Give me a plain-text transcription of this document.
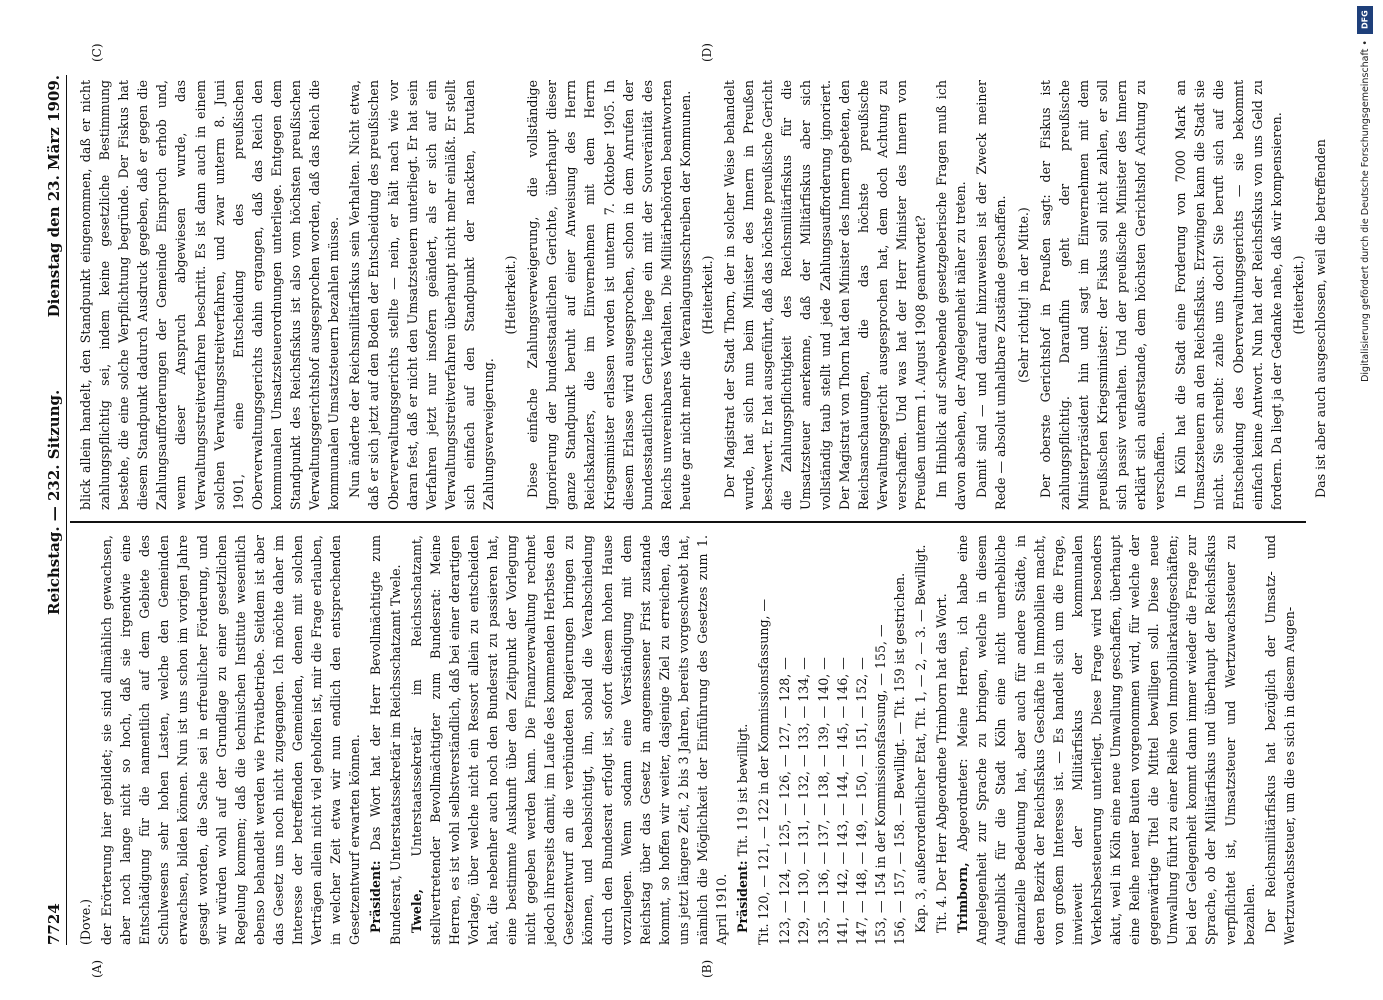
7724
Reichstag. — 232. Sitzung.
Dienstag den 23. März 1909.
(A)	(B)
(C)	(D)

(Dove.) der Erörterung hier gebildet; sie sind allmählich gewachsen, aber noch lange nicht so hoch, daß sie irgendwie eine Entschädigung für die namentlich auf dem Gebiete des Schulwesens sehr hohen Lasten, welche den Gemeinden erwachsen, bilden können. Nun ist uns schon im vorigen Jahre gesagt worden, die Sache sei in erfreulicher Förderung, und wir würden wohl auf der Grundlage zu einer gesetzlichen Regelung kommen; daß die technischen Institute wesentlich ebenso behandelt werden wie Privatbetriebe. Seitdem ist aber das Gesetz uns noch nicht zugegangen. Ich möchte daher im Interesse der betreffenden Gemeinden, denen mit solchen Verträgen allein nicht viel geholfen ist, mir die Frage erlauben, in welcher Zeit etwa wir nun endlich den entsprechenden Gesetzentwurf erwarten können. Präsident: Das Wort hat der Herr Bevollmächtigte zum Bundesrat, Unterstaatssekretär im Reichsschatzamt Twele. Twele, Unterstaatssekretär im Reichsschatzamt, stellvertretender Bevollmächtigter zum Bundesrat: Meine Herren, es ist wohl selbstverständlich, daß bei einer derartigen Vorlage, über welche nicht ein Ressort allein zu entscheiden hat, die nebenher auch noch den Bundesrat zu passieren hat, eine bestimmte Auskunft über den Zeitpunkt der Vorlegung nicht gegeben werden kann. Die Finanzverwaltung rechnet jedoch ihrerseits damit, im Laufe des kommenden Herbstes den Gesetzentwurf an die verbündeten Regierungen bringen zu können, und beabsichtigt, ihn, sobald die Verabschiedung durch den Bundesrat erfolgt ist, sofort diesem hohen Hause vorzulegen. Wenn sodann eine Verständigung mit dem Reichstag über das Gesetz in angemessener Frist zustande kommt, so hoffen wir weiter, dasjenige Ziel zu erreichen, das uns jetzt längere Zeit, 2 bis 3 Jahren, bereits vorgeschwebt hat, nämlich die Möglichkeit der Einführung des Gesetzes zum 1. April 1910. Präsident: Tit. 119 ist bewilligt. Tit. 120, — 121, — 122 in der Kommissionsfassung, — 123, — 124, — 125, — 126, — 127, — 128, —
129, — 130, — 131, — 132, — 133, — 134, —
135, — 136, — 137, — 138, — 139, — 140, —
141, — 142, — 143, — 144, — 145, — 146, —
147, — 148, — 149, — 150, — 151, — 152, —
153, — 154 in der Kommissionsfassung, — 155, —
156, — 157, — 158. — Bewilligt. — Tit. 159 ist gestrichen. Kap. 3, außerordentlicher Etat, Tit. 1, — 2, — 3. — Bewilligt. Tit. 4. Der Herr Abgeordnete Trimborn hat das Wort. Trimborn, Abgeordneter: Meine Herren, ich habe eine Angelegenheit zur Sprache zu bringen, welche in diesem Augenblick für die Stadt Köln eine nicht unerhebliche finanzielle Bedeutung hat, aber auch für andere Städte, in deren Bezirk der Reichsfiskus Geschäfte in Immobilien macht, von großem Interesse ist. — Es handelt sich um die Frage, inwieweit der Militärfiskus der kommunalen Verkehrsbesteuerung unterliegt. Diese Frage wird besonders akut, weil in Köln eine neue Umwallung geschaffen, überhaupt eine Reihe neuer Bauten vorgenommen wird, für welche der gegenwärtige Titel die Mittel bewilligen soll. Diese neue Umwallung führt zu einer Reihe von Immobiliarkaufgeschäften; bei der Gelegenheit kommt dann immer wieder die Frage zur Sprache, ob der Militärfiskus und überhaupt der Reichsfiskus verpflichtet ist, Umsatzsteuer und Wertzuwachssteuer zu bezahlen. Der Reichsmilitärfiskus hat bezüglich der Umsatz- und Wertzuwachssteuer, um die es sich in diesem Augen-

blick allein handelt, den Standpunkt eingenommen, daß er nicht zahlungspflichtig sei, indem keine gesetzliche Bestimmung bestehe, die eine solche Verpflichtung begründe. Der Fiskus hat diesem Standpunkt dadurch Ausdruck gegeben, daß er gegen die Zahlungsaufforderungen der Gemeinde Einspruch erhob und, wenn dieser Anspruch abgewiesen wurde, das Verwaltungsstreitverfahren beschritt. Es ist dann auch in einem solchen Verwaltungsstreitverfahren, und zwar unterm 8. Juni 1901, eine Entscheidung des preußischen Oberverwaltungsgerichts dahin ergangen, daß das Reich den kommunalen Umsatzsteuerordnungen unterliege. Entgegen dem Standpunkt des Reichsfiskus ist also vom höchsten preußischen Verwaltungsgerichtshof ausgesprochen worden, daß das Reich die kommunalen Umsatzsteuern bezahlen müsse. Nun änderte der Reichsmilitärfiskus sein Verhalten. Nicht etwa, daß er sich jetzt auf den Boden der Entscheidung des preußischen Oberverwaltungsgerichts stellte — nein, er hält nach wie vor daran fest, daß er nicht den Umsatzsteuern unterliegt. Er hat sein Verfahren jetzt nur insofern geändert, als er sich auf ein Verwaltungsstreitverfahren überhaupt nicht mehr einläßt. Er stellt sich einfach auf den Standpunkt der nackten, brutalen Zahlungsverweigerung.

(Heiterkeit.) Diese einfache Zahlungsverweigerung, die vollständige Ignorierung der bundesstaatlichen Gerichte, überhaupt dieser ganze Standpunkt beruht auf einer Anweisung des Herrn Reichskanzlers, die im Einvernehmen mit dem Herrn Kriegsminister erlassen worden ist unterm 7. Oktober 1905. In diesem Erlasse wird ausgesprochen, schon in dem Anrufen der bundesstaatlichen Gerichte liege ein mit der Souveränität des Reichs unvereinbares Verhalten. Die Militärbehörden beantworten heute gar nicht mehr die Veranlagungsschreiben der Kommunen. (Heiterkeit.) Der Magistrat der Stadt Thorn, der in solcher Weise behandelt wurde, hat sich nun beim Minister des Innern in Preußen beschwert. Er hat ausgeführt, daß das höchste preußische Gericht die Zahlungspflichtigkeit des Reichsmilitärfiskus für die Umsatzsteuer anerkenne, daß der Militärfiskus aber sich vollständig taub stellt und jede Zahlungsaufforderung ignoriert. Der Magistrat von Thorn hat den Minister des Innern gebeten, den Reichsanschauungen, die das höchste preußische Verwaltungsgericht ausgesprochen hat, dem doch Achtung zu verschaffen. Und was hat der Herr Minister des Innern von Preußen unterm 1. August 1908 geantwortet? Im Hinblick auf schwebende gesetzgeberische Fragen muß ich davon absehen, der Angelegenheit näher zu treten. Damit sind — und darauf hinzuweisen ist der Zweck meiner Rede — absolut unhaltbare Zustände geschaffen. (Sehr richtig! in der Mitte.) Der oberste Gerichtshof in Preußen sagt: der Fiskus ist zahlungspflichtig. Daraufhin geht der preußische Ministerpräsident hin und sagt im Einvernehmen mit dem preußischen Kriegsminister: der Fiskus soll nicht zahlen, er soll sich passiv verhalten. Und der preußische Minister des Innern erklärt sich außerstande, dem höchsten Gerichtshof Achtung zu verschaffen. In Köln hat die Stadt eine Forderung von 7000 Mark an Umsatzsteuern an den Reichsfiskus. Erzwingen kann die Stadt sie nicht. Sie schreibt: zahle uns doch! Sie beruft sich auf die Entscheidung des Oberverwaltungsgerichts — sie bekommt einfach keine Antwort. Nun hat der Reichsfiskus von uns Geld zu fordern. Da liegt ja der Gedanke nahe, daß wir kompensieren. (Heiterkeit.) Das ist aber auch ausgeschlossen, weil die betreffenden

DFG
Digitalisierung gefördert durch die Deutsche Forschungsgemeinschaft •
